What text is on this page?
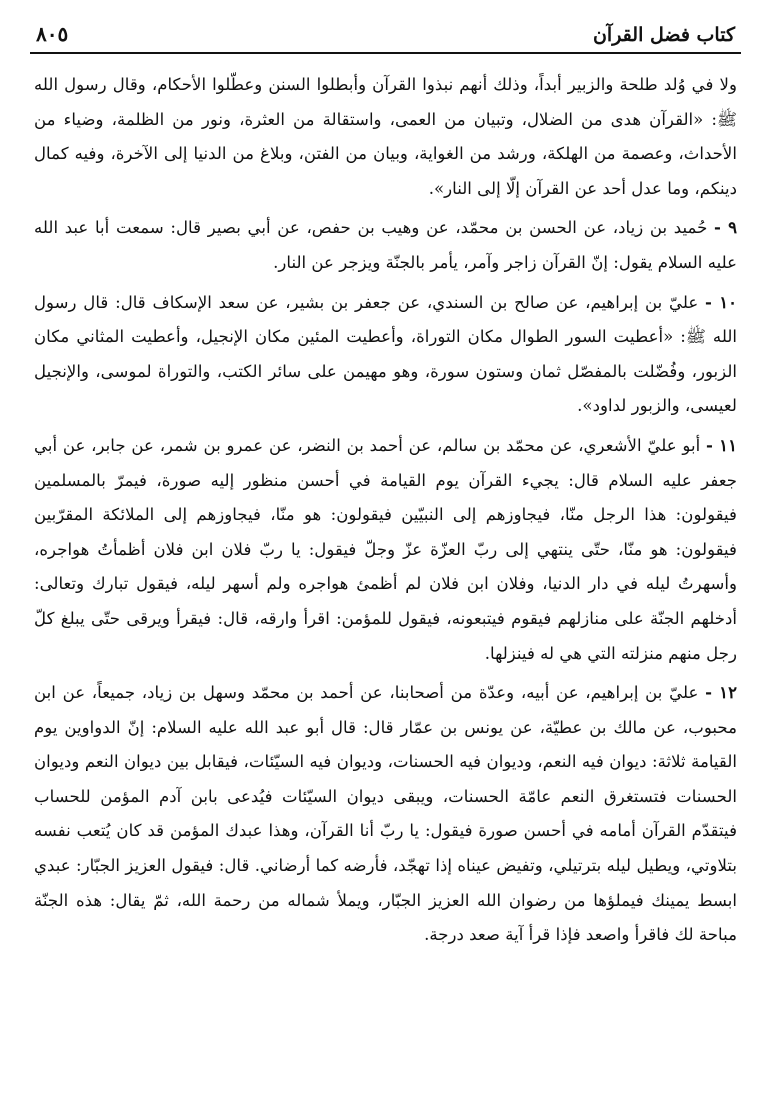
كتاب فضل القرآن
٨٠٥

ولا في وُلد طلحة والزبير أبداً، وذلك أنهم نبذوا القرآن وأبطلوا السنن وعطّلوا الأحكام، وقال رسول الله ﷺ: «القرآن هدى من الضلال، وتبيان من العمى، واستقالة من العثرة، ونور من الظلمة، وضياء من الأحداث، وعصمة من الهلكة، ورشد من الغواية، وبيان من الفتن، وبلاغ من الدنيا إلى الآخرة، وفيه كمال دينكم، وما عدل أحد عن القرآن إلّا إلى النار».

٩ - حُميد بن زياد، عن الحسن بن محمّد، عن وهيب بن حفص، عن أبي بصير قال: سمعت أبا عبد الله عليه السلام يقول: إنّ القرآن زاجر وآمر، يأمر بالجنّة ويزجر عن النار.

١٠ - عليّ بن إبراهيم، عن صالح بن السندي، عن جعفر بن بشير، عن سعد الإسكاف قال: قال رسول الله ﷺ: «أعطيت السور الطوال مكان التوراة، وأعطيت المئين مكان الإنجيل، وأعطيت المثاني مكان الزبور، وفُضّلت بالمفصّل ثمان وستون سورة، وهو مهيمن على سائر الكتب، والتوراة لموسى، والإنجيل لعيسى، والزبور لداود».

١١ - أبو عليّ الأشعري، عن محمّد بن سالم، عن أحمد بن النضر، عن عمرو بن شمر، عن جابر، عن أبي جعفر عليه السلام قال: يجيء القرآن يوم القيامة في أحسن منظور إليه صورة، فيمرّ بالمسلمين فيقولون: هذا الرجل منّا، فيجاوزهم إلى النبيّين فيقولون: هو منّا، فيجاوزهم إلى الملائكة المقرّبين فيقولون: هو منّا، حتّى ينتهي إلى ربّ العزّة عزّ وجلّ فيقول: يا ربّ فلان ابن فلان أظمأتُ هواجره، وأسهرتُ ليله في دار الدنيا، وفلان ابن فلان لم أظمئ هواجره ولم أسهر ليله، فيقول تبارك وتعالى: أدخلهم الجنّة على منازلهم فيقوم فيتبعونه، فيقول للمؤمن: اقرأ وارقه، قال: فيقرأ ويرقى حتّى يبلغ كلّ رجل منهم منزلته التي هي له فينزلها.

١٢ - عليّ بن إبراهيم، عن أبيه، وعدّة من أصحابنا، عن أحمد بن محمّد وسهل بن زياد، جميعاً، عن ابن محبوب، عن مالك بن عطيّة، عن يونس بن عمّار قال: قال أبو عبد الله عليه السلام: إنّ الدواوين يوم القيامة ثلاثة: ديوان فيه النعم، وديوان فيه الحسنات، وديوان فيه السيّئات، فيقابل بين ديوان النعم وديوان الحسنات فتستغرق النعم عامّة الحسنات، ويبقى ديوان السيّئات فيُدعى بابن آدم المؤمن للحساب فيتقدّم القرآن أمامه في أحسن صورة فيقول: يا ربّ أنا القرآن، وهذا عبدك المؤمن قد كان يُتعب نفسه بتلاوتي، ويطيل ليله بترتيلي، وتفيض عيناه إذا تهجّد، فأرضه كما أرضاني. قال: فيقول العزيز الجبّار: عبدي ابسط يمينك فيملؤها من رضوان الله العزيز الجبّار، ويملأ شماله من رحمة الله، ثمّ يقال: هذه الجنّة مباحة لك فاقرأ واصعد فإذا قرأ آية صعد درجة.
